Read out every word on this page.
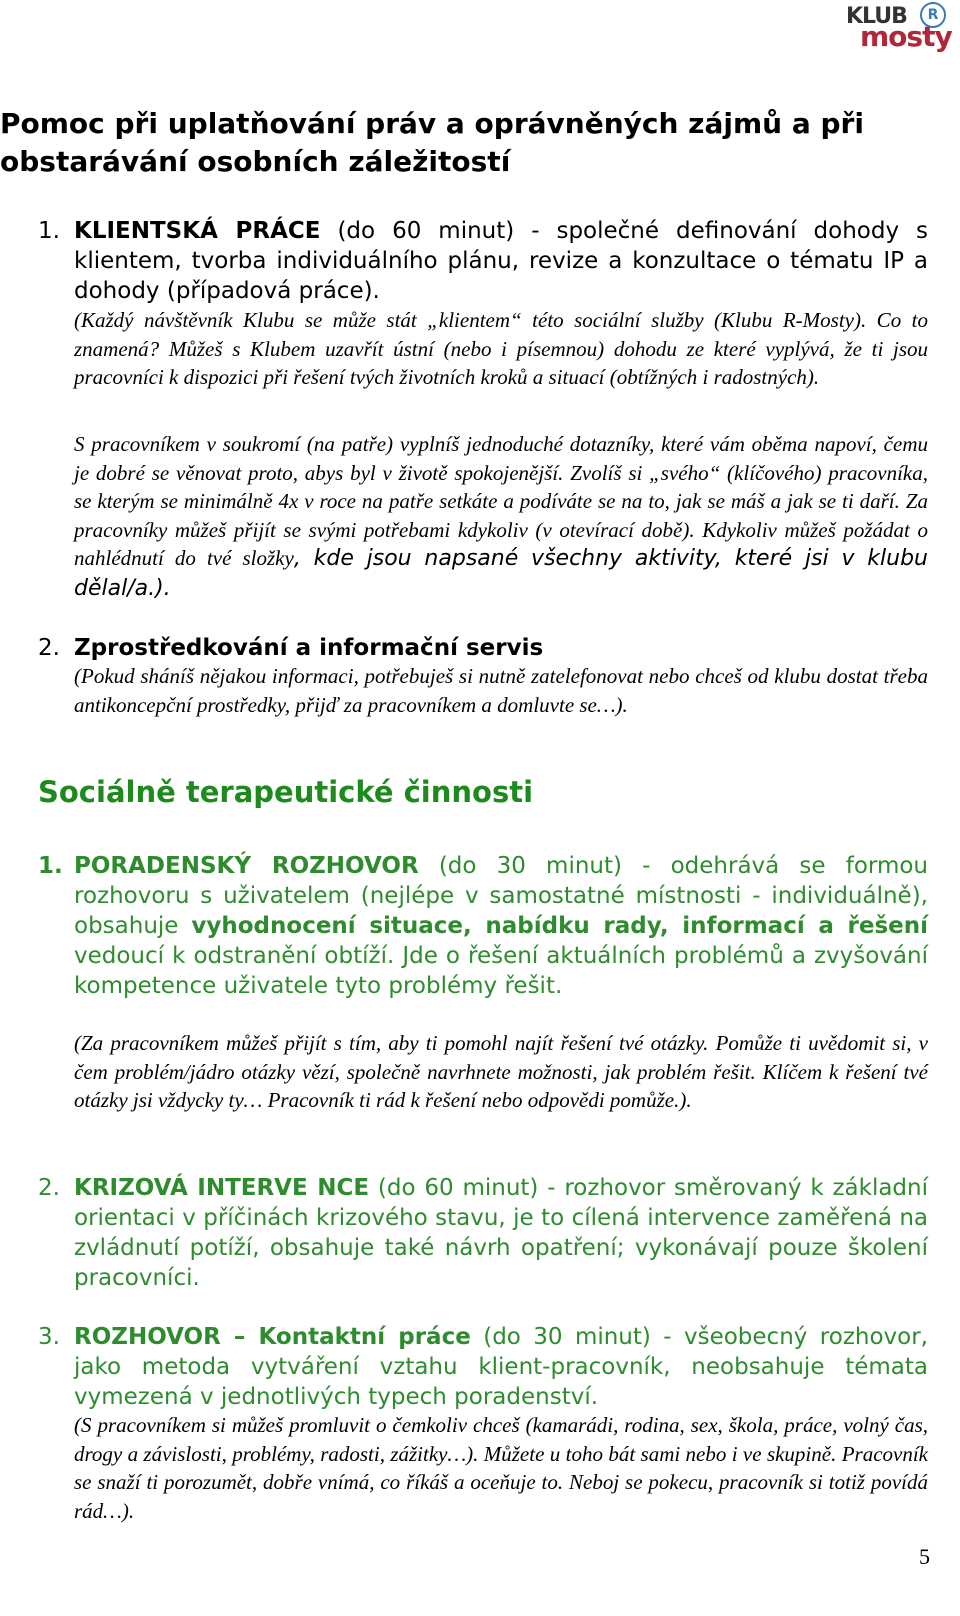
KLUB	R
mosty
Pomoc při uplatňování práv a oprávněných zájmů a při obstarávání osobních záležitostí
1. KLIENTSKÁ PRÁCE (do 60 minut) - společné definování dohody s klientem, tvorba individuálního plánu, revize a konzultace o tématu IP a dohody (případová práce).
(Každý návštěvník Klubu se může stát „klientem“ této sociální služby (Klubu R-Mosty). Co to znamená? Můžeš s Klubem uzavřít ústní (nebo i písemnou) dohodu ze které vyplývá, že ti jsou pracovníci k dispozici při řešení tvých životních kroků a situací (obtížných i radostných).
S pracovníkem v soukromí (na patře) vyplníš jednoduché dotazníky, které vám oběma napoví, čemu je dobré se věnovat proto, abys byl v životě spokojenější. Zvolíš si „svého“ (klíčového) pracovníka, se kterým se minimálně 4x v roce na patře setkáte a podíváte se na to, jak se máš a jak se ti daří. Za pracovníky můžeš přijít se svými potřebami kdykoliv (v otevírací době). Kdykoliv můžeš požádat o nahlédnutí do tvé složky, kde jsou napsané všechny aktivity, které jsi v klubu dělal/a.).
2. Zprostředkování a informační servis
(Pokud sháníš nějakou informaci, potřebuješ si nutně zatelefonovat nebo chceš od klubu dostat třeba antikoncepční prostředky, přijď za pracovníkem a domluvte se…).
Sociálně terapeutické činnosti
1. PORADENSKÝ ROZHOVOR (do 30 minut) - odehrává se formou rozhovoru s uživatelem (nejlépe v samostatné místnosti - individuálně), obsahuje vyhodnocení situace, nabídku rady, informací a řešení vedoucí k odstranění obtíží. Jde o řešení aktuálních problémů a zvyšování kompetence uživatele tyto problémy řešit.
(Za pracovníkem můžeš přijít s tím, aby ti pomohl najít řešení tvé otázky. Pomůže ti uvědomit si, v čem problém/jádro otázky vězí, společně navrhnete možnosti, jak problém řešit. Klíčem k řešení tvé otázky jsi vždycky ty… Pracovník ti rád k řešení nebo odpovědi pomůže.).
2. KRIZOVÁ INTERVE NCE (do 60 minut) - rozhovor směrovaný k základní orientaci v příčinách krizového stavu, je to cílená intervence zaměřená na zvládnutí potíží, obsahuje také návrh opatření; vykonávají pouze školení pracovníci.
3. ROZHOVOR – Kontaktní práce (do 30 minut) - všeobecný rozhovor, jako metoda vytváření vztahu klient-pracovník, neobsahuje témata vymezená v jednotlivých typech poradenství.
(S pracovníkem si můžeš promluvit o čemkoliv chceš (kamarádi, rodina, sex, škola, práce, volný čas, drogy a závislosti, problémy, radosti, zážitky…). Můžete u toho bát sami nebo i ve skupině. Pracovník se snaží ti porozumět, dobře vnímá, co říkáš a oceňuje to. Neboj se pokecu, pracovník si totiž povídá rád…).
5
